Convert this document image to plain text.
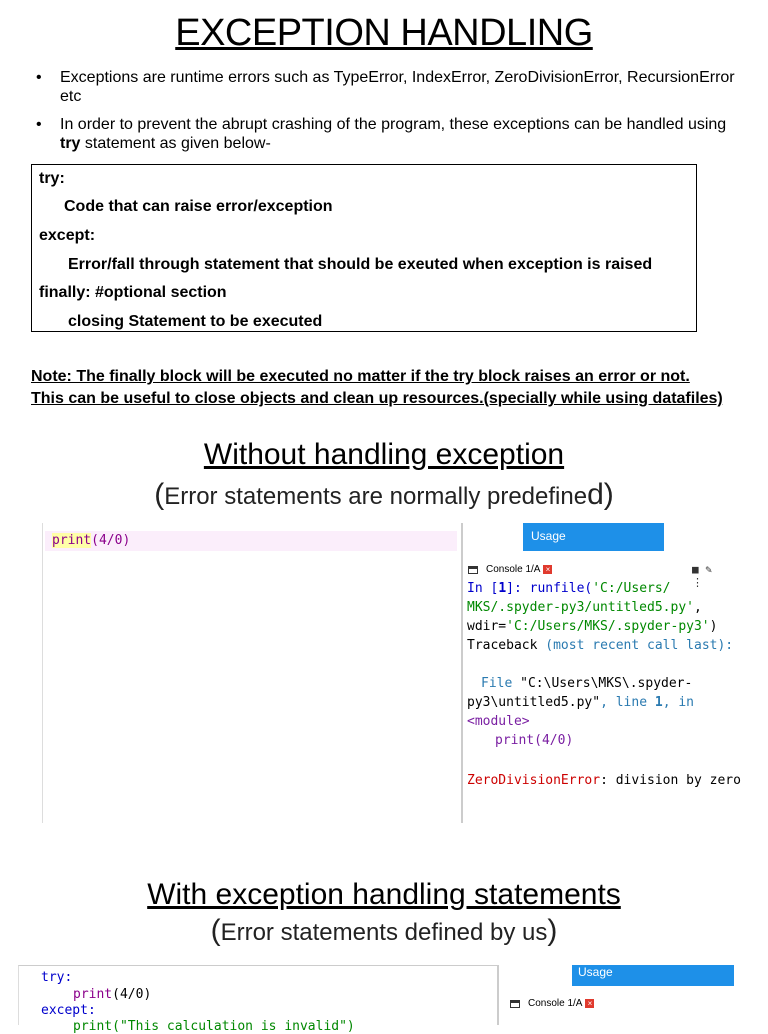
EXCEPTION HANDLING
•	Exceptions are runtime errors such as TypeError, IndexError, ZeroDivisionError, RecursionError etc
•	In order to prevent the abrupt crashing of the program, these exceptions can be handled using try statement as given below-
try:
Code that can raise error/exception
except:
Error/fall through statement that should be exeuted when exception is raised
finally: #optional section
closing Statement to be executed
Note: The finally block will be executed no matter if the try block raises an error or not.
This can be useful to close objects and clean up resources.(specially while using datafiles)
Without handling exception
(Error statements are normally predefined)
print(4/0)	Usage
Console 1/A ×	■ ✎ ⋮
In [1]: runfile('C:/Users/
MKS/.spyder-py3/untitled5.py',
wdir='C:/Users/MKS/.spyder-py3')
Traceback (most recent call last):
File "C:\Users\MKS\.spyder-
py3\untitled5.py", line 1, in
<module>
print(4/0)
ZeroDivisionError: division by zero
With exception handling statements
(Error statements defined by us)
try:
print(4/0)
except:
print("This calculation is invalid")
Usage
Console 1/A ×
